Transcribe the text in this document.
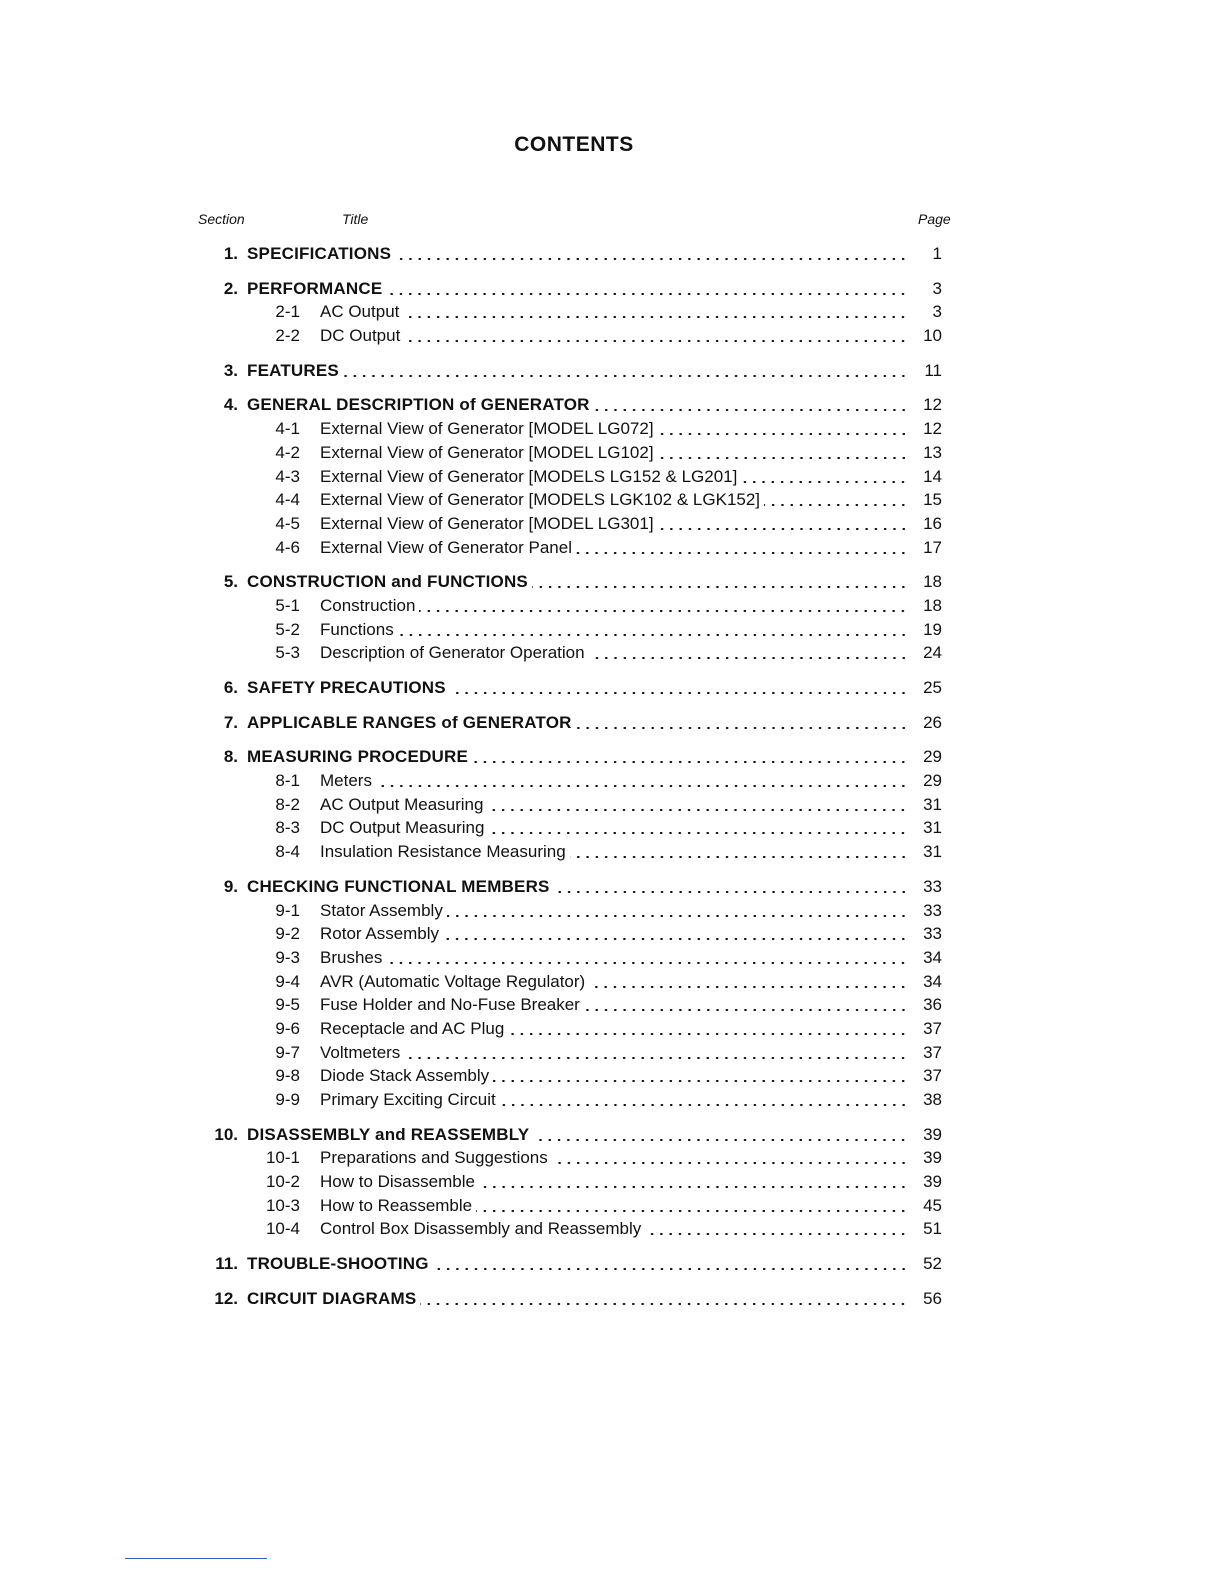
CONTENTS
Section	Title	Page
1. SPECIFICATIONS	1
2. PERFORMANCE	3
2-1 AC Output	3
2-2 DC Output	10
3. FEATURES	11
4. GENERAL DESCRIPTION of GENERATOR	12
4-1 External View of Generator [MODEL LG072]	12
4-2 External View of Generator [MODEL LG102]	13
4-3 External View of Generator [MODELS LG152 & LG201]	14
4-4 External View of Generator [MODELS LGK102 & LGK152]	15
4-5 External View of Generator [MODEL LG301]	16
4-6 External View of Generator Panel	17
5. CONSTRUCTION and FUNCTIONS	18
5-1 Construction	18
5-2 Functions	19
5-3 Description of Generator Operation	24
6. SAFETY PRECAUTIONS	25
7. APPLICABLE RANGES of GENERATOR	26
8. MEASURING PROCEDURE	29
8-1 Meters	29
8-2 AC Output Measuring	31
8-3 DC Output Measuring	31
8-4 Insulation Resistance Measuring	31
9. CHECKING FUNCTIONAL MEMBERS	33
9-1 Stator Assembly	33
9-2 Rotor Assembly	33
9-3 Brushes	34
9-4 AVR (Automatic Voltage Regulator)	34
9-5 Fuse Holder and No-Fuse Breaker	36
9-6 Receptacle and AC Plug	37
9-7 Voltmeters	37
9-8 Diode Stack Assembly	37
9-9 Primary Exciting Circuit	38
10. DISASSEMBLY and REASSEMBLY	39
10-1 Preparations and Suggestions	39
10-2 How to Disassemble	39
10-3 How to Reassemble	45
10-4 Control Box Disassembly and Reassembly	51
11. TROUBLE-SHOOTING	52
12. CIRCUIT DIAGRAMS	56
